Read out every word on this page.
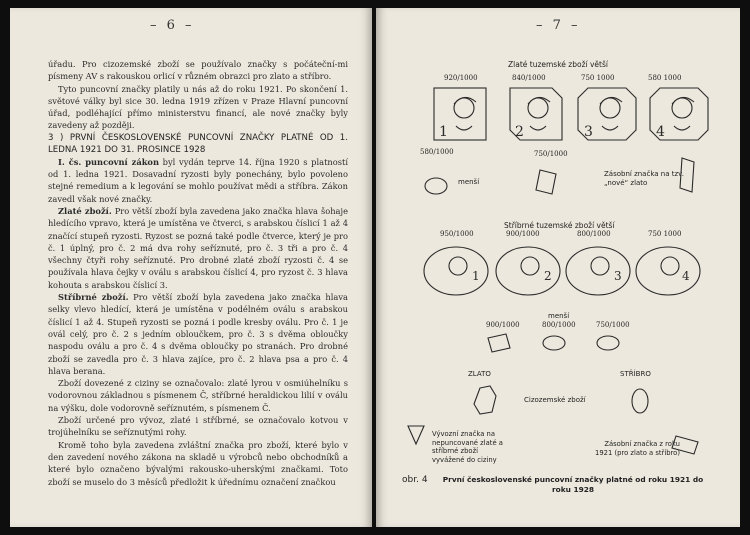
– 6 –

úřadu. Pro cizozemské zboží se používalo značky s počáteční-mi písmeny AV s rakouskou orlicí v různém obrazci pro zlato a stříbro.

Tyto puncovní značky platily u nás až do roku 1921. Po skončení 1. světové války byl sice 30. ledna 1919 zřízen v Praze Hlavní puncovní úřad, podléhající přímo ministerstvu financí, ale nové značky byly zavedeny až později.

3 ) PRVNÍ ČESKOSLOVENSKÉ PUNCOVNÍ ZNAČKY PLATNÉ OD 1. LEDNA 1921 DO 31. PROSINCE 1928

I. čs. puncovní zákon byl vydán teprve 14. října 1920 s platností od 1. ledna 1921. Dosavadní ryzosti byly ponechány, bylo povoleno stejné remedium a k legování se mohlo používat mědi a stříbra. Zákon zavedl však nové značky.

Zlaté zboží. Pro větší zboží byla zavedena jako značka hlava šohaje hledícího vpravo, která je umístěna ve čtverci, s arabskou číslicí 1 až 4 značící stupeň ryzosti. Ryzost se pozná také podle čtverce, který je pro č. 1 úplný, pro č. 2 má dva rohy seříznuté, pro č. 3 tři a pro č. 4 všechny čtyři rohy seříznuté. Pro drobné zlaté zboží ryzosti č. 4 se používala hlava čejky v oválu s arabskou číslicí 4, pro ryzost č. 3 hlava kohouta s arabskou číslicí 3.

Stříbrné zboží. Pro větší zboží byla zavedena jako značka hlava selky vlevo hledící, která je umístěna v podélném oválu s arabskou číslicí 1 až 4. Stupeň ryzosti se pozná i podle kresby oválu. Pro č. 1 je ovál celý, pro č. 2 s jedním obloučkem, pro č. 3 s dvěma obloučky naspodu oválu a pro č. 4 s dvěma obloučky po stranách. Pro drobné zboží se zavedla pro č. 3 hlava zajíce, pro č. 2 hlava psa a pro č. 4 hlava berana.

Zboží dovezené z ciziny se označovalo: zlaté lyrou v osmiúhelníku s vodorovnou základnou s písmenem Č, stříbrné heraldickou lilií v oválu na výšku, dole vodorovně seříznutém, s písmenem Č.

Zboží určené pro vývoz, zlaté i stříbrné, se označovalo kotvou v trojúhelníku se seříznutými rohy.

Kromě toho byla zavedena zvláštní značka pro zboží, které bylo v den zavedení nového zákona na skladě u výrobců nebo obchodníků a které bylo označeno bývalými rakousko-uherskými značkami. Toto zboží se muselo do 3 měsíců předložit k úřednímu označení značkou

– 7 –
Zlaté tuzemské zboží větší
920/1000	840/1000	750 1000	580 1000
580/1000	750/1000
menší
Zásobní značka na tzv. „nové“ zlato
Stříbrné tuzemské zboží větší
950/1000	900/1000	800/1000	750 1000
menší
900/1000	800/1000	750/1000
ZLATO	STŘÍBRO
Cizozemské zboží
Vývozní značka na nepuncované zlaté a stříbrné zboží vyvážené do ciziny
Zásobní značka z roku 1921 (pro zlato a stříbro)
obr. 4	První československé puncovní značky platné od roku 1921 do roku 1928
1	2	3	4
1	2	3	4
